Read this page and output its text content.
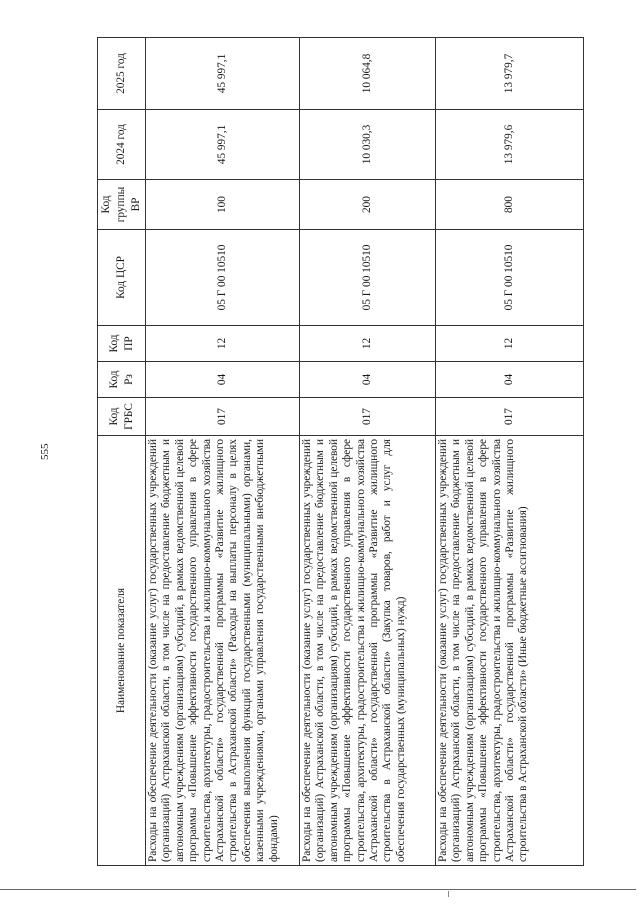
555
Наименование показателя	Код ГРБС	Код Рз	Код ПР	Код ЦСР	Код группы ВР	2024 год	2025 год
Расходы на обеспечение деятельности (оказание услуг) государственных учреждений (организаций) Астраханской области, в том числе на предоставление бюджетным и автономным учреждениям (организациям) субсидий, в рамках ведомственной целевой программы «Повышение эффективности государственного управления в сфере строительства, архитектуры, градостроительства и жилищно-коммунального хозяйства Астраханской области» государственной программы «Развитие жилищного строительства в Астраханской области» (Расходы на выплаты персоналу в целях обеспечения выполнения функций государственными (муниципальными) органами, казенными учреждениями, органами управления государственными внебюджетными фондами)	017	04	12	05 Г 00 10510	100	45 997,1	45 997,1
Расходы на обеспечение деятельности (оказание услуг) государственных учреждений (организаций) Астраханской области, в том числе на предоставление бюджетным и автономным учреждениям (организациям) субсидий, в рамках ведомственной целевой программы «Повышение эффективности государственного управления в сфере строительства, архитектуры, градостроительства и жилищно-коммунального хозяйства Астраханской области» государственной программы «Развитие жилищного строительства в Астраханской области» (Закупка товаров, работ и услуг для обеспечения государственных (муниципальных) нужд)	017	04	12	05 Г 00 10510	200	10 030,3	10 064,8
Расходы на обеспечение деятельности (оказание услуг) государственных учреждений (организаций) Астраханской области, в том числе на предоставление бюджетным и автономным учреждениям (организациям) субсидий, в рамках ведомственной целевой программы «Повышение эффективности государственного управления в сфере строительства, архитектуры, градостроительства и жилищно-коммунального хозяйства Астраханской области» государственной программы «Развитие жилищного строительства в Астраханской области» (Иные бюджетные ассигнования)	017	04	12	05 Г 00 10510	800	13 979,6	13 979,7
